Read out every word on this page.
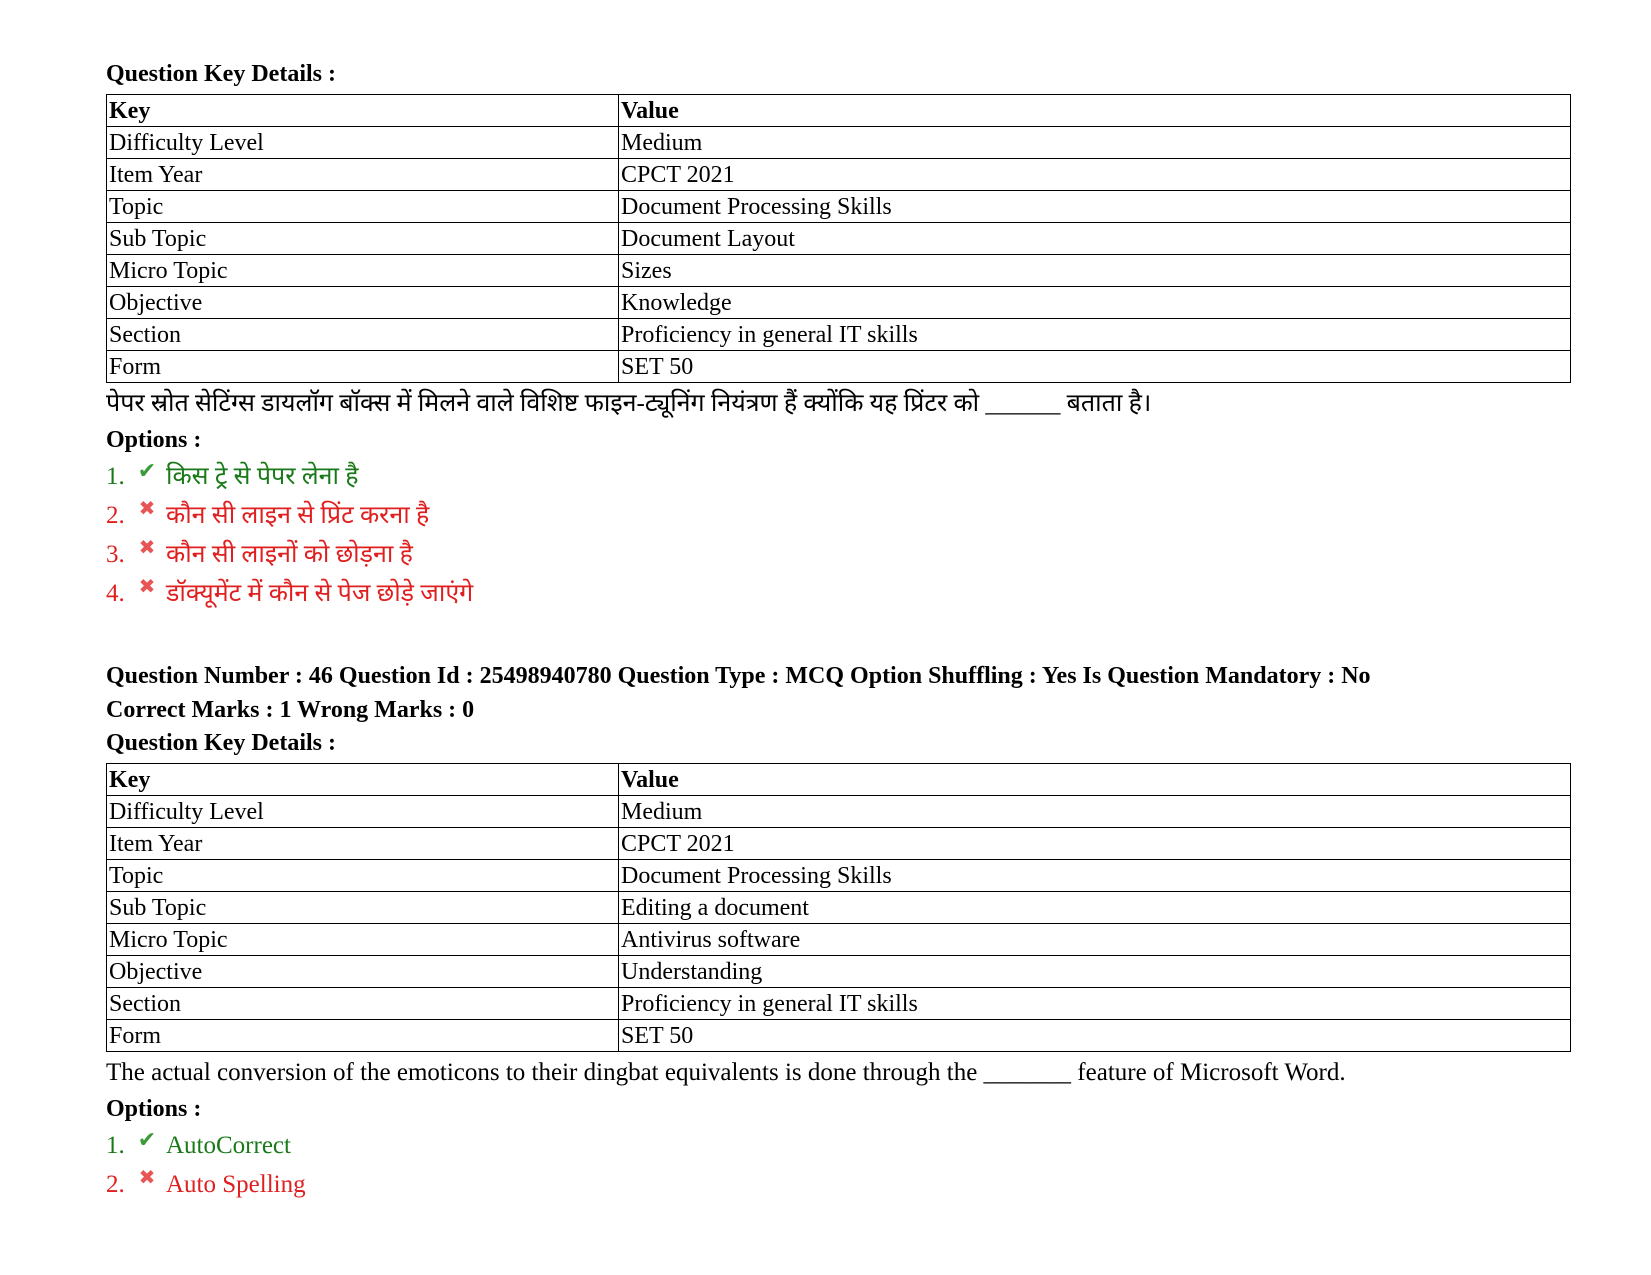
Question Key Details :

Key	Value
Difficulty Level	Medium
Item Year	CPCT 2021
Topic	Document Processing Skills
Sub Topic	Document Layout
Micro Topic	Sizes
Objective	Knowledge
Section	Proficiency in general IT skills
Form	SET 50

पेपर स्रोत सेटिंग्स डायलॉग बॉक्स में मिलने वाले विशिष्ट फाइन-ट्यूनिंग नियंत्रण हैं क्योंकि यह प्रिंटर को ______ बताता है।

Options :

1. ✔ किस ट्रे से पेपर लेना है
2. ✖ कौन सी लाइन से प्रिंट करना है
3. ✖ कौन सी लाइनों को छोड़ना है
4. ✖ डॉक्यूमेंट में कौन से पेज छोड़े जाएंगे

Question Number : 46 Question Id : 25498940780 Question Type : MCQ Option Shuffling : Yes Is Question Mandatory : No

Correct Marks : 1 Wrong Marks : 0

Question Key Details :

Key	Value
Difficulty Level	Medium
Item Year	CPCT 2021
Topic	Document Processing Skills
Sub Topic	Editing a document
Micro Topic	Antivirus software
Objective	Understanding
Section	Proficiency in general IT skills
Form	SET 50

The actual conversion of the emoticons to their dingbat equivalents is done through the _______ feature of Microsoft Word.

Options :

1. ✔ AutoCorrect
2. ✖ Auto Spelling
